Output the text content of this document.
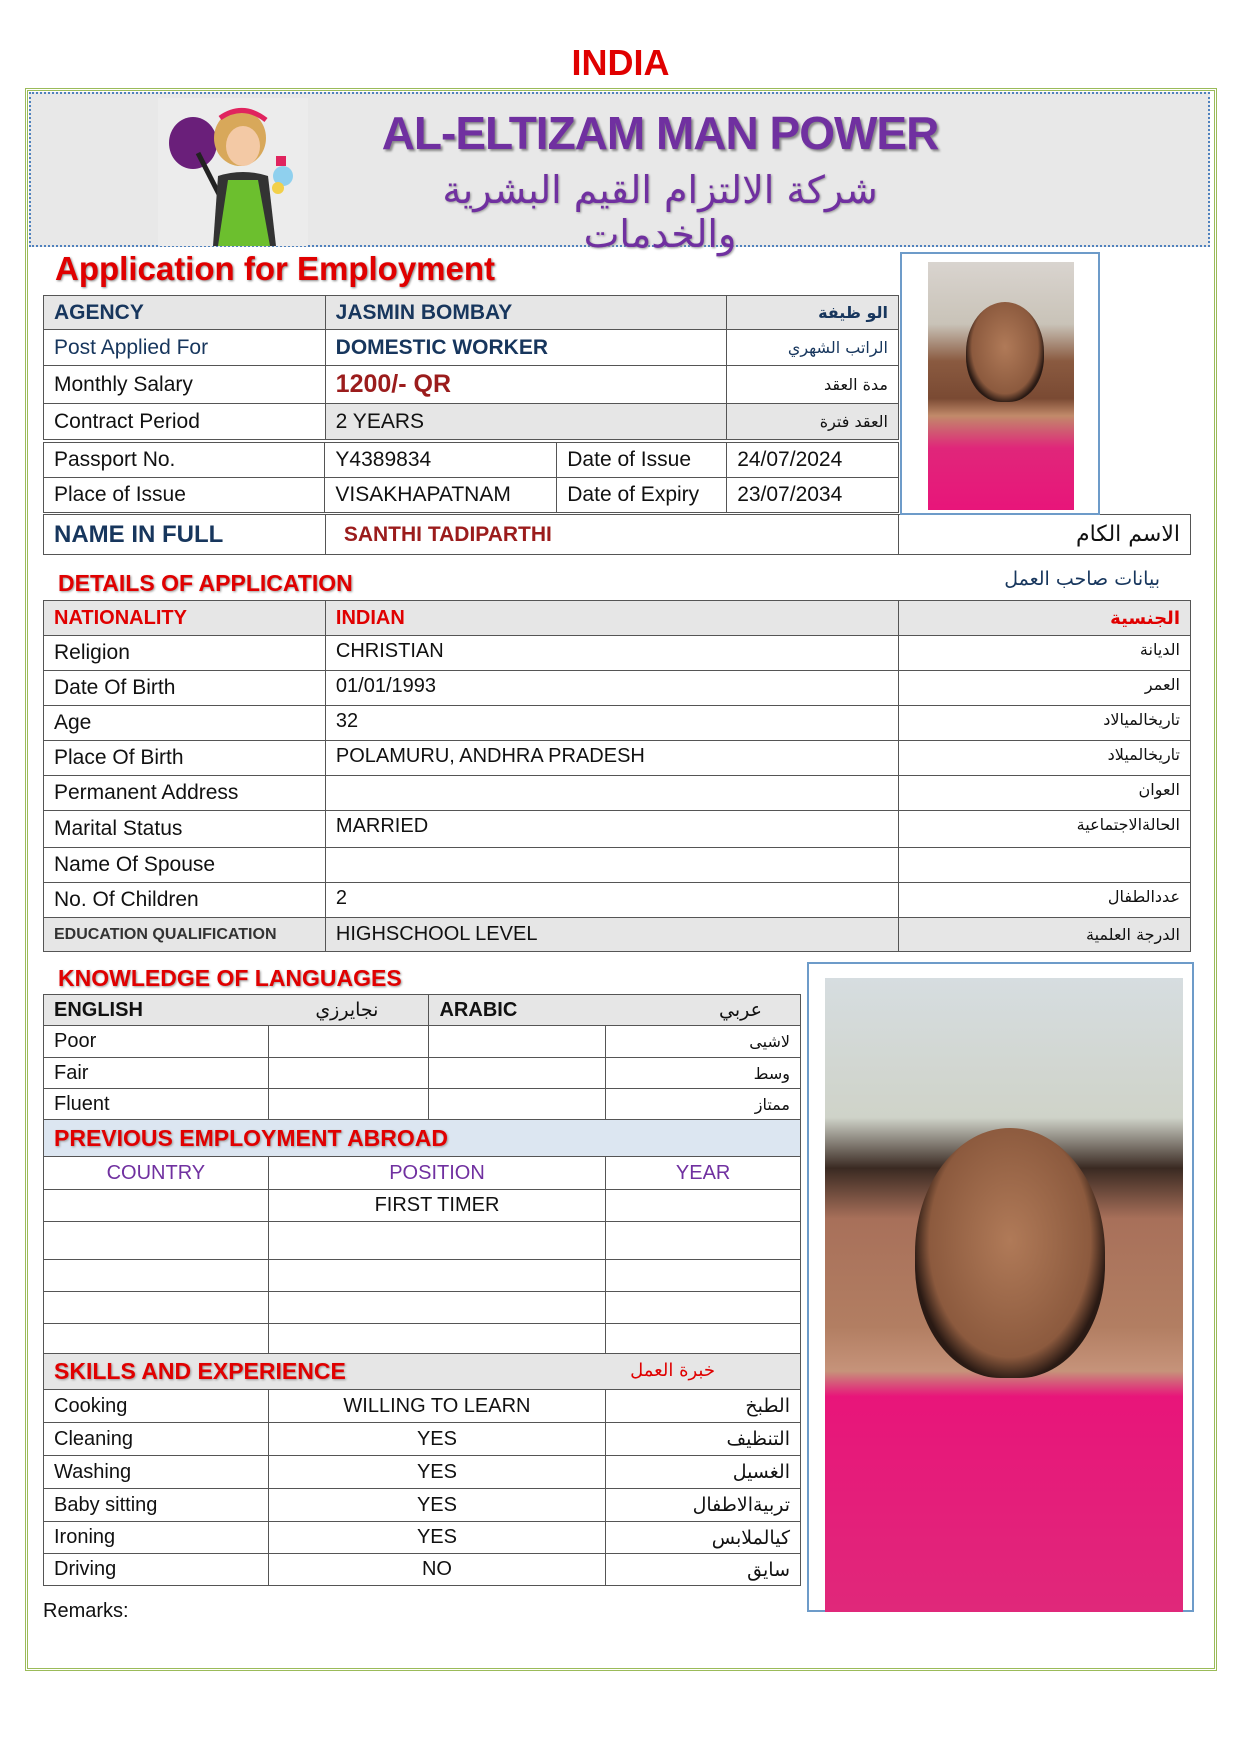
INDIA
AL-ELTIZAM MAN POWER
شركة الالتزام القيم البشرية والخدمات
Application for Employment
AGENCY	JASMIN BOMBAY	الو ظيفة
Post Applied For	DOMESTIC WORKER	الراتب الشهري
Monthly Salary	1200/- QR	مدة العقد
Contract Period	2 YEARS	العقد فترة
Passport No.	Y4389834	Date of Issue	24/07/2024
Place of Issue	VISAKHAPATNAM	Date of Expiry	23/07/2034
NAME IN FULL	SANTHI TADIPARTHI	الاسم الكام
DETAILS OF APPLICATION	بيانات صاحب العمل
NATIONALITY	INDIAN	الجنسية
Religion	CHRISTIAN	الديانة
Date Of Birth	01/01/1993	العمر
Age	32	تاريخالميالاد
Place Of Birth	POLAMURU, ANDHRA PRADESH	تاريخالميلاد
Permanent Address		العوان
Marital Status	MARRIED	الحالةالاجتماعية
Name Of Spouse		
No. Of Children	2	عددالطفال
EDUCATION QUALIFICATION	HIGHSCHOOL LEVEL	الدرجة العلمية
KNOWLEDGE OF LANGUAGES
ENGLISH نجايرزي		ARABIC عربي	

Poor			لاشيى
Fair			وسط
Fluent			ممتاز
PREVIOUS EMPLOYMENT ABROAD		
COUNTRY	POSITION	YEAR
	FIRST TIMER	

SKILLS AND EXPERIENCE خبرة العمل		

Cooking	WILLING TO LEARN	الطبخ
Cleaning	YES	التنظيف
Washing	YES	الغسيل
Baby sitting	YES	تربيةالاطفال
Ironing	YES	كيالملابس
Driving	NO	سايق
Remarks:
